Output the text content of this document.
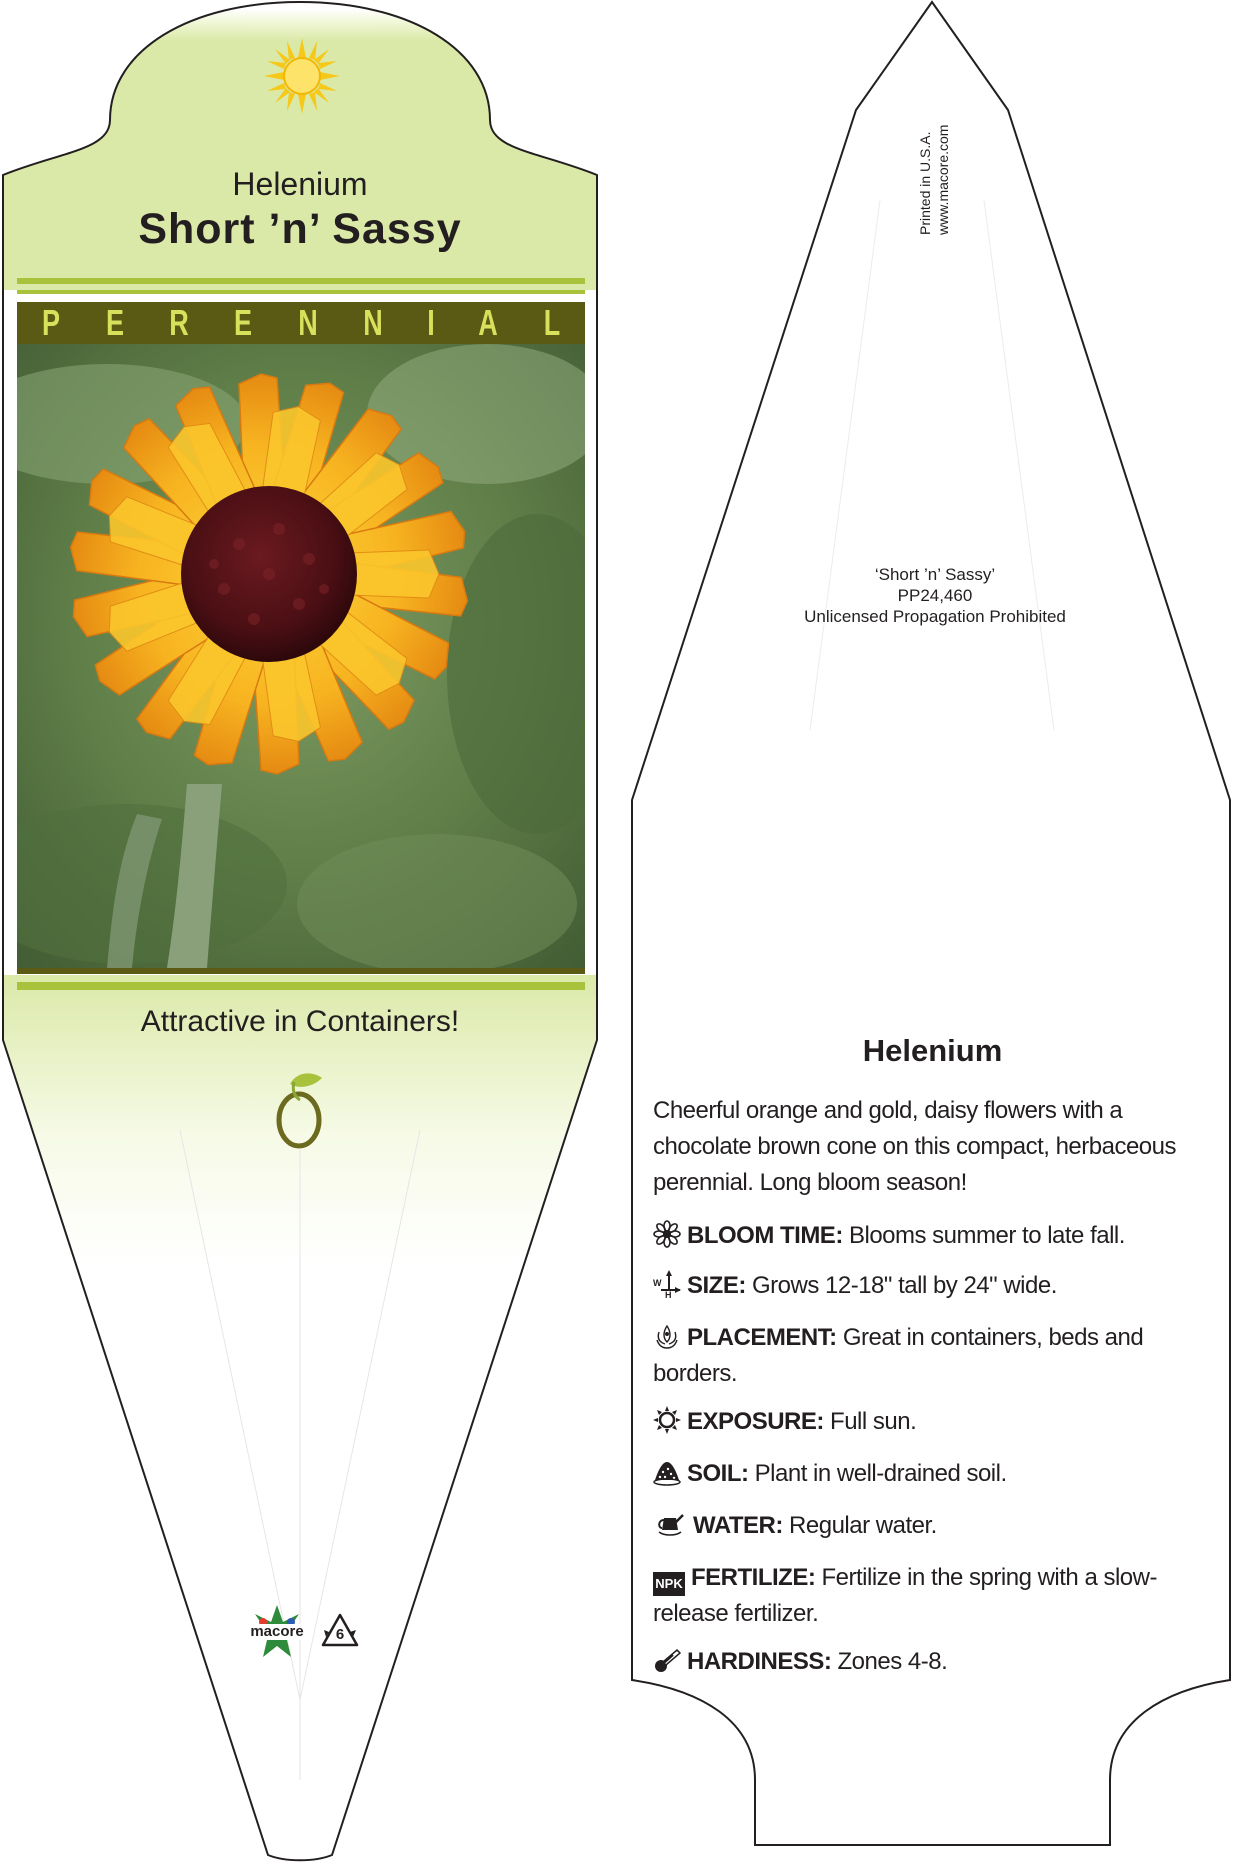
Helenium
Short ’n’ Sassy
P E R E N N I A L
Attractive in Containers!
macore	6
Printed in U.S.A. www.macore.com
‘Short ’n’ Sassy’
PP24,460
Unlicensed Propagation Prohibited
Helenium
Cheerful orange and gold, daisy flowers with a chocolate brown cone on this compact, herbaceous perennial. Long bloom season!
BLOOM TIME: Blooms summer to late fall.
W
H SIZE: Grows 12-18" tall by 24" wide.
PLACEMENT: Great in containers, beds and borders.
EXPOSURE: Full sun.
SOIL: Plant in well-drained soil.
WATER: Regular water.
NPK FERTILIZE: Fertilize in the spring with a slow-release fertilizer.
HARDINESS: Zones 4-8.
